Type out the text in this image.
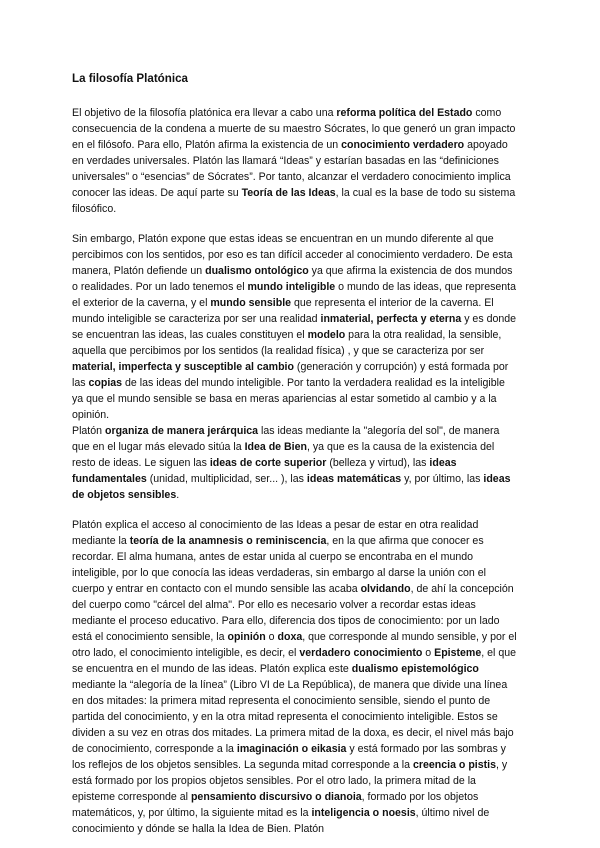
La filosofía Platónica

El objetivo de la filosofía platónica era llevar a cabo una reforma política del Estado como consecuencia de la condena a muerte de su maestro Sócrates, lo que generó un gran impacto en el filósofo. Para ello, Platón afirma la existencia de un conocimiento verdadero apoyado en verdades universales. Platón las llamará “Ideas” y estarían basadas en las “definiciones universales” o “esencias” de Sócrates”. Por tanto, alcanzar el verdadero conocimiento implica conocer las ideas. De aquí parte su Teoría de las Ideas, la cual es la base de todo su sistema filosófico.

Sin embargo, Platón expone que estas ideas se encuentran en un mundo diferente al que percibimos con los sentidos, por eso es tan difícil acceder al conocimiento verdadero. De esta manera, Platón defiende un dualismo ontológico ya que afirma la existencia de dos mundos o realidades. Por un lado tenemos el mundo inteligible o mundo de las ideas, que representa el exterior de la caverna, y el mundo sensible que representa el interior de la caverna. El mundo inteligible se caracteriza por ser una realidad inmaterial, perfecta y eterna y es donde se encuentran las ideas, las cuales constituyen el modelo para la otra realidad, la sensible, aquella que percibimos por los sentidos (la realidad física) , y que se caracteriza por ser material, imperfecta y susceptible al cambio (generación y corrupción) y está formada por las copias de las ideas del mundo inteligible. Por tanto la verdadera realidad es la inteligible ya que el mundo sensible se basa en meras apariencias al estar sometido al cambio y a la opinión.

Platón organiza de manera jerárquica las ideas mediante la "alegoría del sol", de manera que en el lugar más elevado sitúa la Idea de Bien, ya que es la causa de la existencia del resto de ideas. Le siguen las ideas de corte superior (belleza y virtud), las ideas fundamentales (unidad, multiplicidad, ser... ), las ideas matemáticas y, por último, las ideas de objetos sensibles.

Platón explica el acceso al conocimiento de las Ideas a pesar de estar en otra realidad mediante la teoría de la anamnesis o reminiscencia, en la que afirma que conocer es recordar. El alma humana, antes de estar unida al cuerpo se encontraba en el mundo inteligible, por lo que conocía las ideas verdaderas, sin embargo al darse la unión con el cuerpo y entrar en contacto con el mundo sensible las acaba olvidando, de ahí la concepción del cuerpo como "cárcel del alma". Por ello es necesario volver a recordar estas ideas mediante el proceso educativo. Para ello, diferencia dos tipos de conocimiento: por un lado está el conocimiento sensible, la opinión o doxa, que corresponde al mundo sensible, y por el otro lado, el conocimiento inteligible, es decir, el verdadero conocimiento o Episteme, el que se encuentra en el mundo de las ideas. Platón explica este dualismo epistemológico mediante la “alegoría de la línea” (Libro VI de La República), de manera que divide una línea en dos mitades: la primera mitad representa el conocimiento sensible, siendo el punto de partida del conocimiento, y en la otra mitad representa el conocimiento inteligible. Estos se dividen a su vez en otras dos mitades. La primera mitad de la doxa, es decir, el nivel más bajo de conocimiento, corresponde a la imaginación o eikasia y está formado por las sombras y los reflejos de los objetos sensibles. La segunda mitad corresponde a la creencia o pistis, y está formado por los propios objetos sensibles. Por el otro lado, la primera mitad de la episteme corresponde al pensamiento discursivo o dianoia, formado por los objetos matemáticos, y, por último, la siguiente mitad es la inteligencia o noesis, último nivel de conocimiento y dónde se halla la Idea de Bien. Platón
